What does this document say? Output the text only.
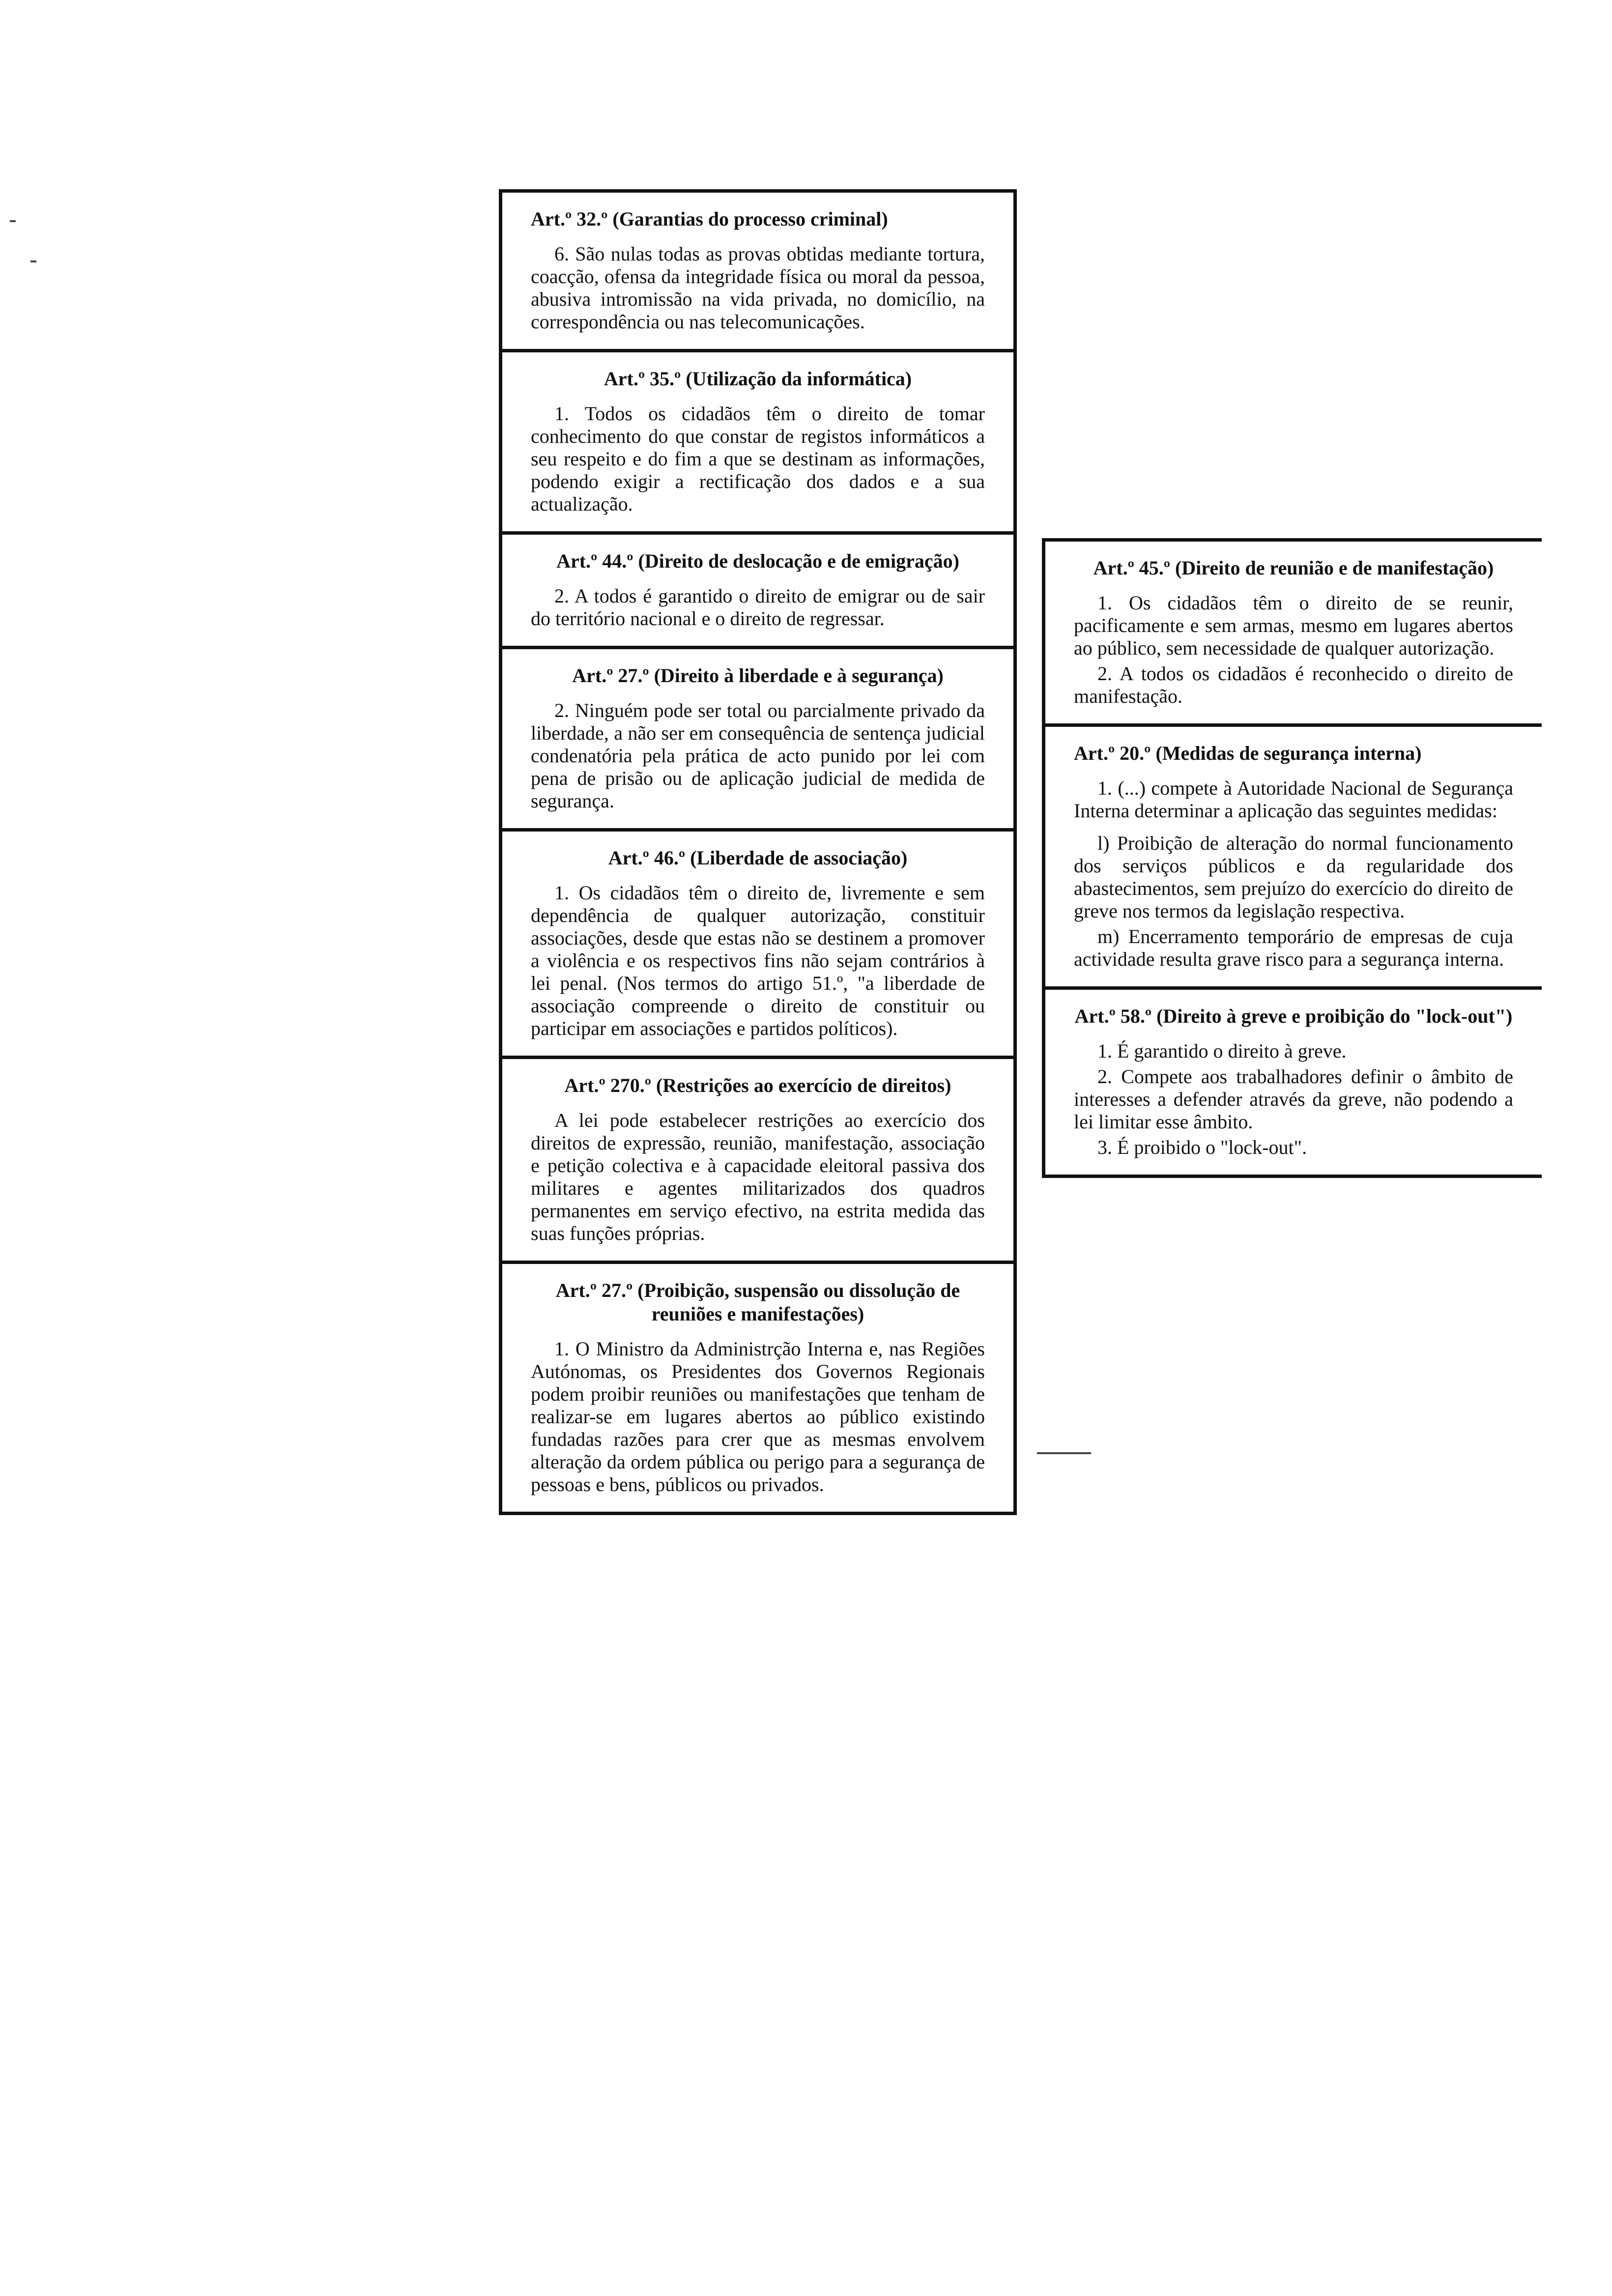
Art.º 32.º (Garantias do processo criminal)

6. São nulas todas as provas obtidas mediante tortura, coacção, ofensa da integridade física ou moral da pessoa, abusiva intromissão na vida privada, no domicílio, na correspondência ou nas telecomunicações.

Art.º 35.º (Utilização da informática)

1. Todos os cidadãos têm o direito de tomar conhecimento do que constar de registos informáticos a seu respeito e do fim a que se destinam as informações, podendo exigir a rectificação dos dados e a sua actualização.

Art.º 44.º (Direito de deslocação e de emigração)

2. A todos é garantido o direito de emigrar ou de sair do território nacional e o direito de regressar.

Art.º 27.º (Direito à liberdade e à segurança)

2. Ninguém pode ser total ou parcialmente privado da liberdade, a não ser em consequência de sentença judicial condenatória pela prática de acto punido por lei com pena de prisão ou de aplicação judicial de medida de segurança.

Art.º 46.º (Liberdade de associação)

1. Os cidadãos têm o direito de, livremente e sem dependência de qualquer autorização, constituir associações, desde que estas não se destinem a promover a violência e os respectivos fins não sejam contrários à lei penal. (Nos termos do artigo 51.º, "a liberdade de associação compreende o direito de constituir ou participar em associações e partidos políticos).

Art.º 270.º (Restrições ao exercício de direitos)

A lei pode estabelecer restrições ao exercício dos direitos de expressão, reunião, manifestação, associação e petição colectiva e à capacidade eleitoral passiva dos militares e agentes militarizados dos quadros permanentes em serviço efectivo, na estrita medida das suas funções próprias.

Art.º 27.º (Proibição, suspensão ou dissolução de reuniões e manifestações)

1. O Ministro da Administrção Interna e, nas Regiões Autónomas, os Presidentes dos Governos Regionais podem proibir reuniões ou manifestações que tenham de realizar-se em lugares abertos ao público existindo fundadas razões para crer que as mesmas envolvem alteração da ordem pública ou perigo para a segurança de pessoas e bens, públicos ou privados.

Art.º 45.º (Direito de reunião e de manifestação)

1. Os cidadãos têm o direito de se reunir, pacificamente e sem armas, mesmo em lugares abertos ao público, sem necessidade de qualquer autorização.

2. A todos os cidadãos é reconhecido o direito de manifestação.

Art.º 20.º (Medidas de segurança interna)

1. (...) compete à Autoridade Nacional de Segurança Interna determinar a aplicação das seguintes medidas:

l) Proibição de alteração do normal funcionamento dos serviços públicos e da regularidade dos abastecimentos, sem prejuízo do exercício do direito de greve nos termos da legislação respectiva.

m) Encerramento temporário de empresas de cuja actividade resulta grave risco para a segurança interna.

Art.º 58.º (Direito à greve e proibição do "lock-out")

1. É garantido o direito à greve.

2. Compete aos trabalhadores definir o âmbito de interesses a defender através da greve, não podendo a lei limitar esse âmbito.

3. É proibido o "lock-out".
